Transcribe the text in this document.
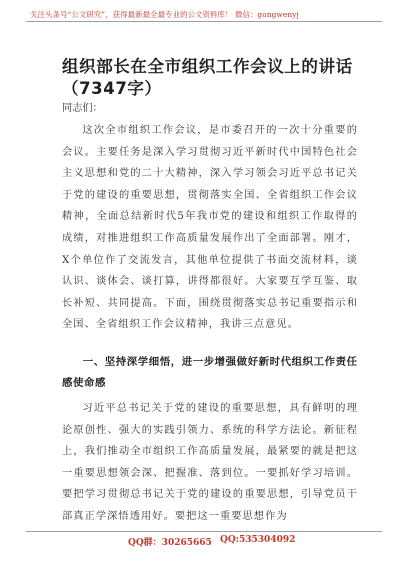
关注头条号“公文研究”，获得最新最全最专业的公文资料库！ 微信：gongwenyj
组织部长在全市组织工作会议上的讲话
（7347字）
同志们：
这次全市组织工作会议，是市委召开的一次十分重要的会议。主要任务是深入学习贯彻习近平新时代中国特色社会主义思想和党的二十大精神，深入学习领会习近平总书记关于党的建设的重要思想，贯彻落实全国、全省组织工作会议精神，全面总结新时代5年我市党的建设和组织工作取得的成绩，对推进组织工作高质量发展作出了全面部署。刚才，X个单位作了交流发言，其他单位提供了书面交流材料，谈认识、谈体会、谈打算，讲得都很好。大家要互学互鉴、取长补短、共同提高。下面，围绕贯彻落实总书记重要指示和全国、全省组织工作会议精神，我讲三点意见。
一、坚持深学细悟，进一步增强做好新时代组织工作责任感使命感
习近平总书记关于党的建设的重要思想，具有鲜明的理论原创性、强大的实践引领力、系统的科学方法论。新征程上，我们推动全市组织工作高质量发展，最紧要的就是把这一重要思想领会深、把握准、落到位。一要抓好学习培训。要把学习贯彻总书记关于党的建设的重要思想，引导党员干部真正学深悟透用好。要把这一重要思想作为
QQ群：30265665 QQ:535304092
